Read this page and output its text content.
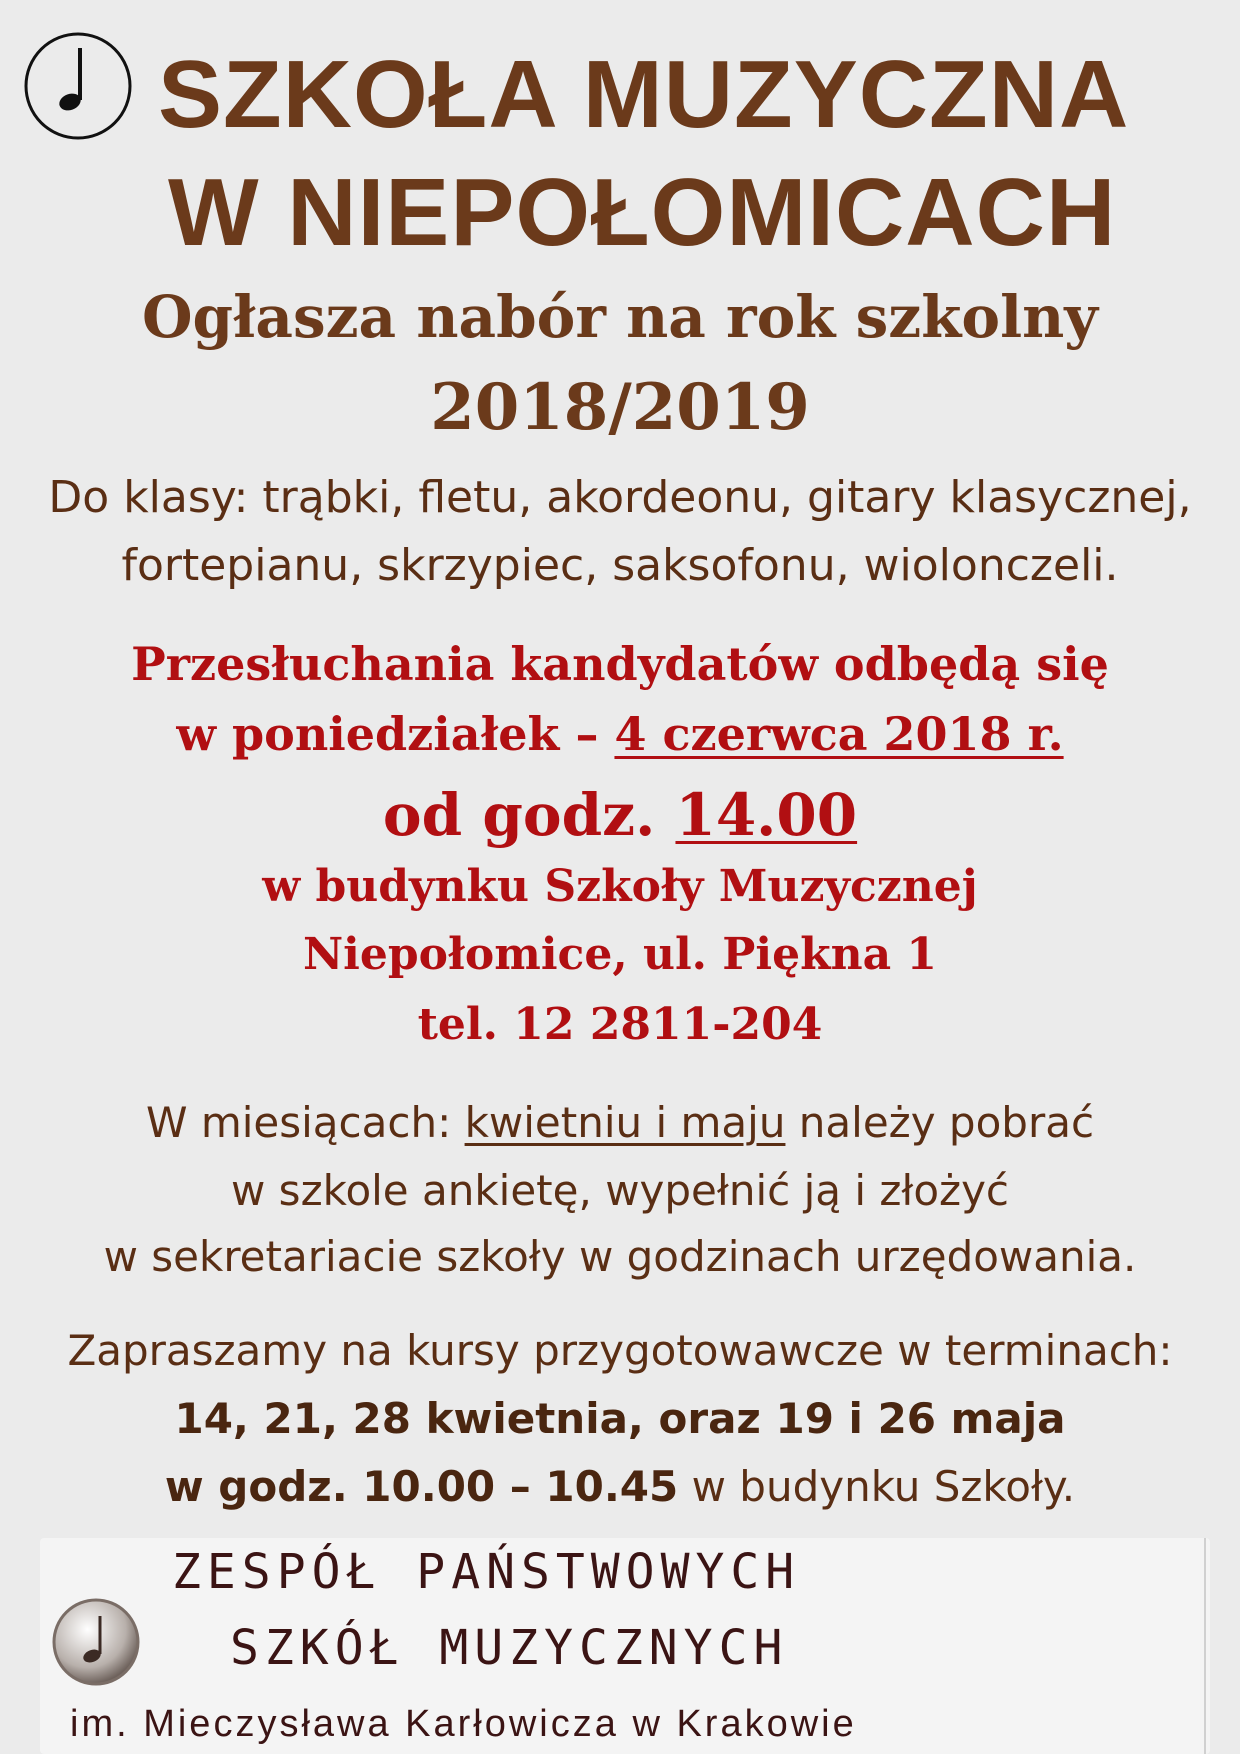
SZKOŁA MUZYCZNA
W NIEPOŁOMICACH
Ogłasza nabór na rok szkolny
2018/2019
Do klasy: trąbki, fletu, akordeonu, gitary klasycznej,
fortepianu, skrzypiec, saksofonu, wiolonczeli.
Przesłuchania kandydatów odbędą się
w poniedziałek – 4 czerwca 2018 r.
od godz. 14.00
w budynku Szkoły Muzycznej
Niepołomice, ul. Piękna 1
tel. 12 2811-204
W miesiącach: kwietniu i maju należy pobrać
w szkole ankietę, wypełnić ją i złożyć
w sekretariacie szkoły w godzinach urzędowania.
Zapraszamy na kursy przygotowawcze w terminach:
14, 21, 28 kwietnia, oraz 19 i 26 maja
w godz. 10.00 – 10.45 w budynku Szkoły.
ZESPÓŁ PAŃSTWOWYCH
SZKÓŁ MUZYCZNYCH
im. Mieczysława Karłowicza w Krakowie
